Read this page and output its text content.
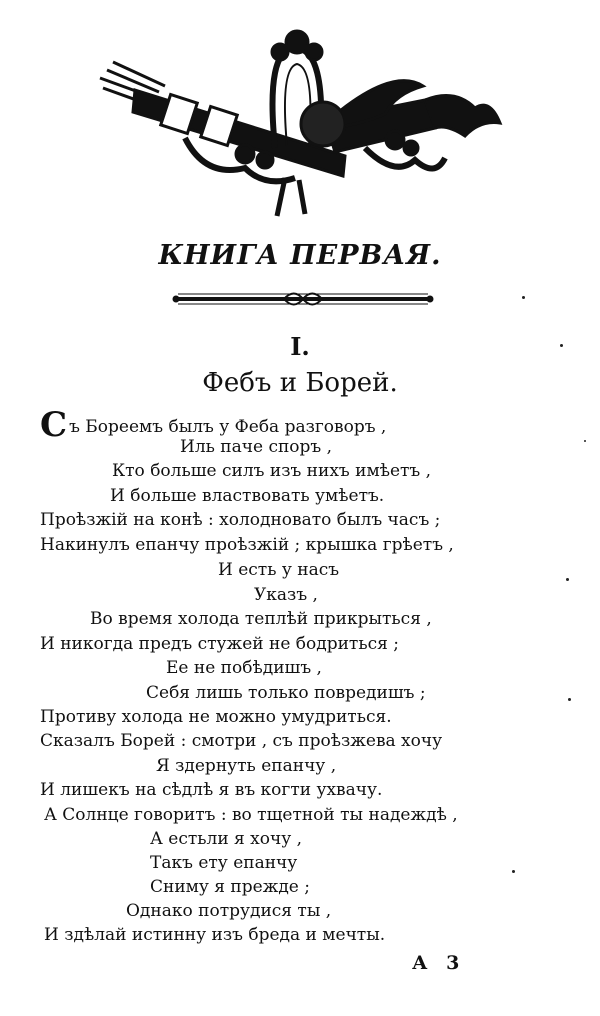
КНИГА ПЕРВАЯ.
I.
Фебъ и Борей.
Съ Бореемъ былъ у Феба разговоръ ,
Иль паче споръ ,
Кто больше силъ изъ нихъ имѣетъ ,
И больше властвовать умѣетъ.
Проѣзжій на конѣ : холодновато былъ часъ ;
Накинулъ епанчу проѣзжій ; крышка грѣетъ ,
И есть у насъ
Указъ ,
Во время холода теплѣй прикрыться ,
И никогда предъ стужей не бодриться ;
Ее не побѣдишъ ,
Себя лишь только повредишъ ;
Противу холода не можно умудриться.
Сказалъ Борей : смотри , съ проѣзжева хочу
Я здернуть епанчу ,
И лишекъ на сѣдлѣ я въ когти ухвачу.
А Солнце говоритъ : во тщетной ты надеждѣ ,
А естьли я хочу ,
Такъ ету епанчу
Сниму я прежде ;
Однако потрудися ты ,
И здѣлай истинну изъ бреда и мечты.
А 3
